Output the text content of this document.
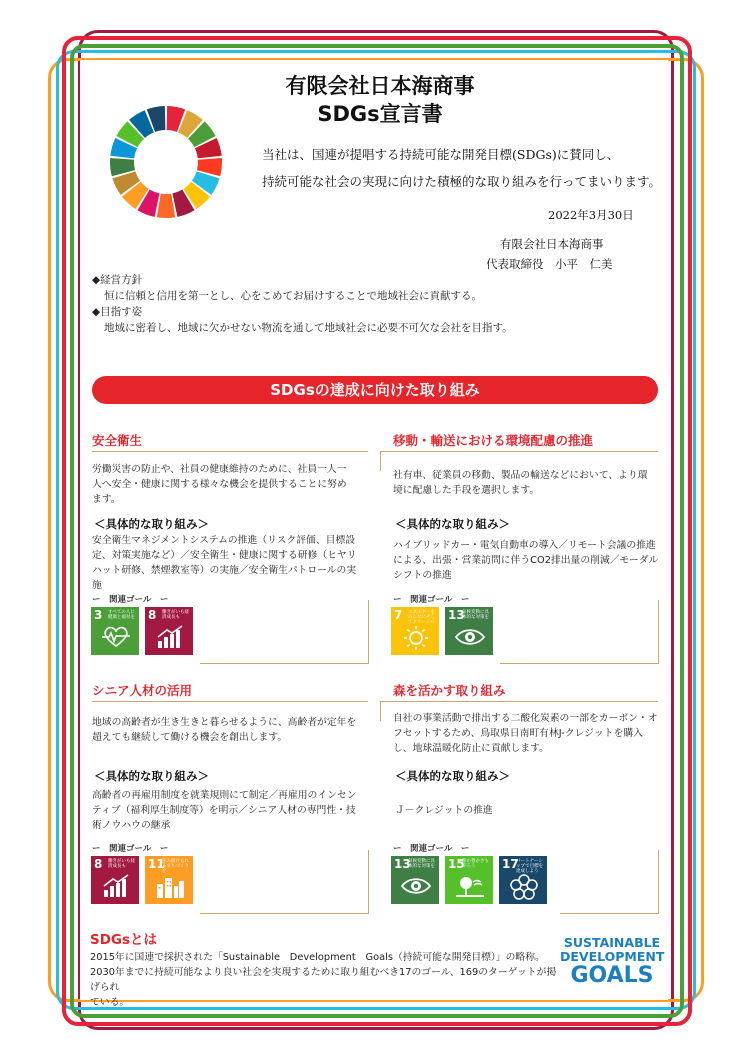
有限会社日本海商事
SDGs宣言書
当社は、国連が提唱する持続可能な開発目標(SDGs)に賛同し、
持続可能な社会の実現に向けた積極的な取り組みを行ってまいります。
2022年3月30日
有限会社日本海商事
代表取締役　小平　仁美
◆経営方針
恒に信頼と信用を第一とし、心をこめてお届けすることで地域社会に貢献する。
◆目指す姿
地域に密着し、地域に欠かせない物流を通して地域社会に必要不可欠な会社を目指す。
SDGsの達成に向けた取り組み
安全衛生
労働災害の防止や、社員の健康維持のために、社員一人一人へ安全・健康に関する様々な機会を提供することに努めます。
＜具体的な取り組み＞
安全衛生マネジメントシステムの推進（リスク評価、目標設定、対策実施など）／安全衛生・健康に関する研修（ヒヤリハット研修、禁煙教室等）の実施／安全衛生パトロールの実施
ー　関連ゴール　ー
3 すべての人に健康と福祉を 8 働きがいも経済成長も
移動・輸送における環境配慮の推進
社有車、従業員の移動、製品の輸送などにおいて、より環境に配慮した手段を選択します。
＜具体的な取り組み＞
ハイブリッドカー・電気自動車の導入／リモート会議の推進による、出張・営業訪問に伴うCO2排出量の削減／モーダルシフトの推進
ー　関連ゴール　ー
7 エネルギーをみんなにそしてクリーンに
13
気候変動に具体的な対策を
シニア人材の活用
地域の高齢者が生き生きと暮らせるように、高齢者が定年を超えても継続して働ける機会を創出します。
＜具体的な取り組み＞
高齢者の再雇用制度を就業規則にて制定／再雇用のインセンティブ（福利厚生制度等）を明示／シニア人材の専門性・技術ノウハウの継承
ー　関連ゴール　ー
8 働きがいも経済成長も	11
住み続けられるまちづくりを
森を活かす取り組み
自社の事業活動で排出する二酸化炭素の一部をカーボン・オフセットするため、鳥取県日南町有林J-クレジットを購入し、地球温暖化防止に貢献します。
＜具体的な取り組み＞
Ｊ－クレジットの推進
ー　関連ゴール　ー
13
気候変動に具体的な対策を 15
陸の豊かさも守ろう	17
パートナーシップで目標を達成しよう
SDGsとは
2015年に国連で採択された「Sustainable　Development　Goals（持続可能な開発目標）」の略称。
2030年までに持続可能なより良い社会を実現するために取り組むべき17のゴール、169のターゲットが掲げられ
ている。
SUSTAINABLE
DEVELOPMENT
GOALS
